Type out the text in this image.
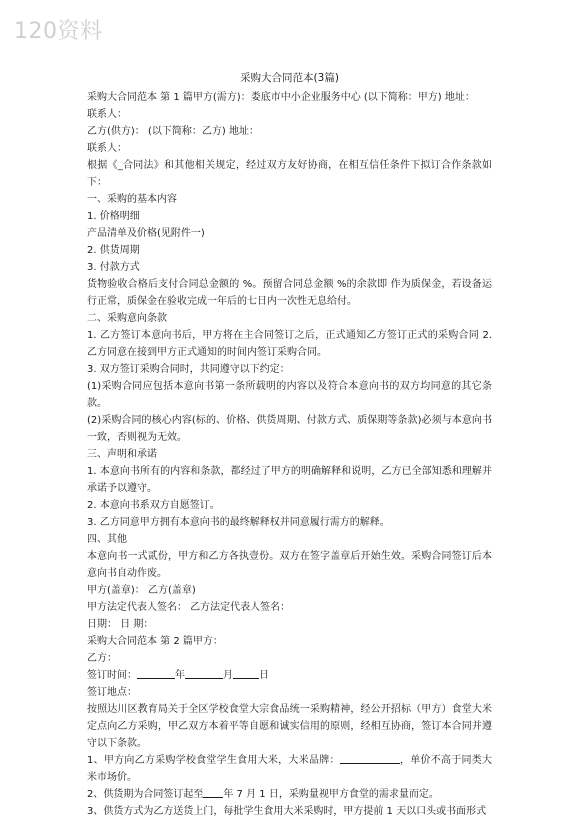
120资料
采购大合同范本(3篇)
采购大合同范本 第 1 篇甲方(需方)：娄底市中小企业服务中心 (以下简称：甲方) 地址：
联系人：
乙方(供方)： (以下简称：乙方) 地址：
联系人：
根据《_合同法》和其他相关规定，经过双方友好协商，在相互信任条件下拟订合作条款如下：
一、采购的基本内容
1. 价格明细
产品清单及价格(见附件一)
2. 供货周期
3. 付款方式
货物验收合格后支付合同总金额的 %。预留合同总金额 %的余款即 作为质保金，若设备运行正常，质保金在验收完成一年后的七日内一次性无息给付。
二、采购意向条款
1. 乙方签订本意向书后，甲方将在主合同签订之后，正式通知乙方签订正式的采购合同 2. 乙方同意在接到甲方正式通知的时间内签订采购合同。
3. 双方签订采购合同时，共同遵守以下约定：
(1)采购合同应包括本意向书第一条所载明的内容以及符合本意向书的双方均同意的其它条款。
(2)采购合同的核心内容(标的、价格、供货周期、付款方式、质保期等条款)必须与本意向书一致，否则视为无效。
三、声明和承诺
1. 本意向书所有的内容和条款，都经过了甲方的明确解释和说明，乙方已全部知悉和理解并承诺予以遵守。
2. 本意向书系双方自愿签订。
3. 乙方同意甲方拥有本意向书的最终解释权并同意履行需方的解释。
四、其他
本意向书一式贰份，甲方和乙方各执壹份。双方在签字盖章后开始生效。采购合同签订后本意向书自动作废。
甲方(盖章)： 乙方(盖章)
甲方法定代表人签名： 乙方法定代表人签名：
日期： 日 期：
采购大合同范本 第 2 篇甲方：
乙方：
签订时间：	年	月	日
签订地点：
按照达川区教育局关于全区学校食堂大宗食品统一采购精神，经公开招标（甲方）食堂大米定点向乙方采购，甲乙双方本着平等自愿和诚实信用的原则，经相互协商，签订本合同并遵守以下条款。
1、甲方向乙方采购学校食堂学生食用大米，大米品牌：	，单价不高于同类大米市场价。
2、供货期为合同签订起至 年 7 月 1 日，采购量视甲方食堂的需求量而定。
3、供货方式为乙方送货上门，每批学生食用大米采购时，甲方提前 1 天以口头或书面形式
